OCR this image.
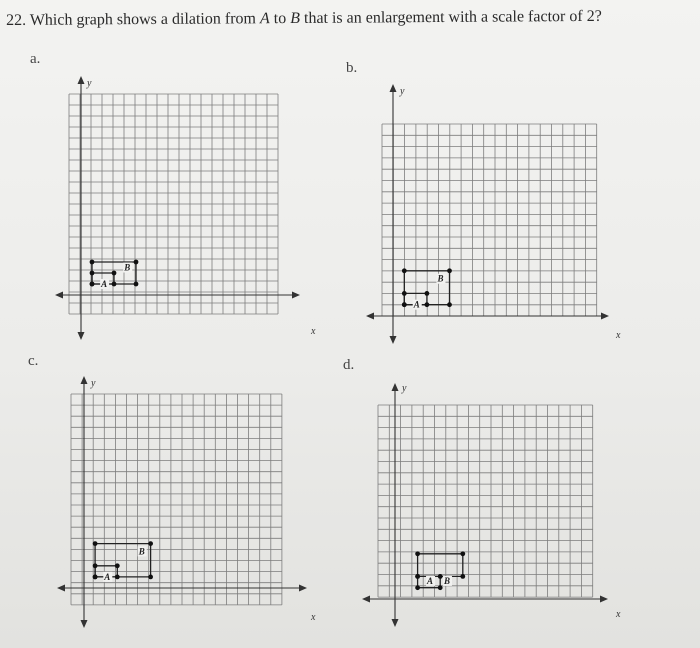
22. Which graph shows a dilation from A to B that is an enlargement with a scale factor of 2?
a.
b.
c.	d.
x
y
A
B
x
y
A
B
x
y
A
B
x
y
A B
